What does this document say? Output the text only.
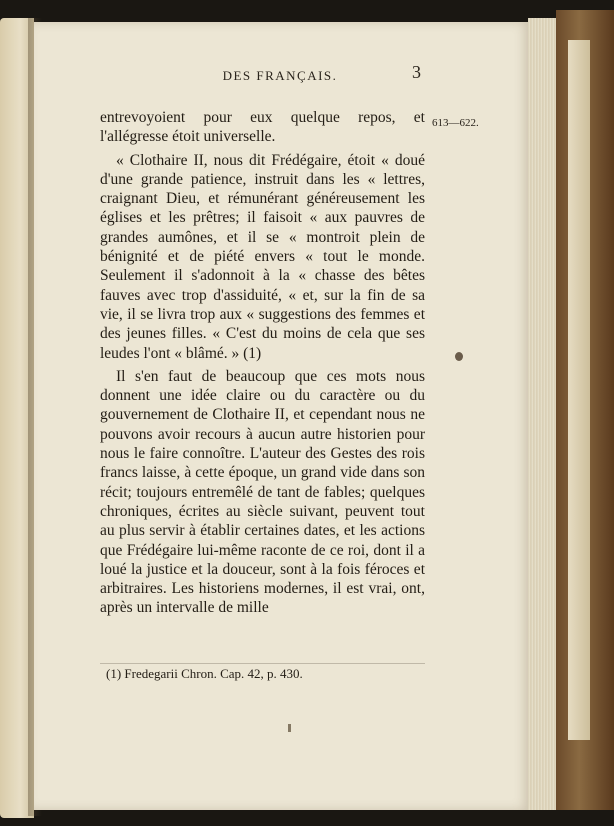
DES FRANÇAIS.	3
613—622.

entrevoyoient pour eux quelque repos, et l'allégresse étoit universelle.

« Clothaire II, nous dit Frédégaire, étoit « doué d'une grande patience, instruit dans les « lettres, craignant Dieu, et rémunérant généreusement les églises et les prêtres; il faisoit « aux pauvres de grandes aumônes, et il se « montroit plein de bénignité et de piété envers « tout le monde. Seulement il s'adonnoit à la « chasse des bêtes fauves avec trop d'assiduité, « et, sur la fin de sa vie, il se livra trop aux « suggestions des femmes et des jeunes filles. « C'est du moins de cela que ses leudes l'ont « blâmé. » (1)

Il s'en faut de beaucoup que ces mots nous donnent une idée claire ou du caractère ou du gouvernement de Clothaire II, et cependant nous ne pouvons avoir recours à aucun autre historien pour nous le faire connoître. L'auteur des Gestes des rois francs laisse, à cette époque, un grand vide dans son récit; toujours entremêlé de tant de fables; quelques chroniques, écrites au siècle suivant, peuvent tout au plus servir à établir certaines dates, et les actions que Frédégaire lui-même raconte de ce roi, dont il a loué la justice et la douceur, sont à la fois féroces et arbitraires. Les historiens modernes, il est vrai, ont, après un intervalle de mille

(1) Fredegarii Chron. Cap. 42, p. 430.
